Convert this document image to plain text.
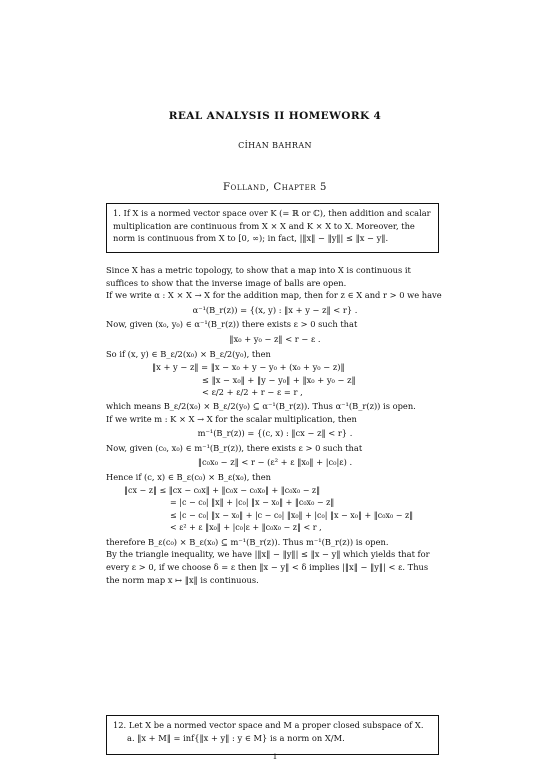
REAL ANALYSIS II HOMEWORK 4
CİHAN BAHRAN
Folland, Chapter 5
1. If X is a normed vector space over K (= ℝ or ℂ), then addition and scalar multiplication are continuous from X × X and K × X to X. Moreover, the norm is continuous from X to [0, ∞); in fact, |‖x‖ − ‖y‖| ≤ ‖x − y‖.

Since X has a metric topology, to show that a map into X is continuous it suffices to show that the inverse image of balls are open.

If we write α : X × X → X for the addition map, then for z ∈ X and r > 0 we have

α⁻¹(B_r(z)) = {(x, y) : ‖x + y − z‖ < r} .

Now, given (x₀, y₀) ∈ α⁻¹(B_r(z)) there exists ε > 0 such that

‖x₀ + y₀ − z‖ < r − ε .

So if (x, y) ∈ B_ε/2(x₀) × B_ε/2(y₀), then

‖x + y − z‖ = ‖x − x₀ + y − y₀ + (x₀ + y₀ − z)‖
≤ ‖x − x₀‖ + ‖y − y₀‖ + ‖x₀ + y₀ − z‖
< ε/2 + ε/2 + r − ε = r ,

which means B_ε/2(x₀) × B_ε/2(y₀) ⊆ α⁻¹(B_r(z)). Thus α⁻¹(B_r(z)) is open.

If we write m : K × X → X for the scalar multiplication, then

m⁻¹(B_r(z)) = {(c, x) : ‖cx − z‖ < r} .

Now, given (c₀, x₀) ∈ m⁻¹(B_r(z)), there exists ε > 0 such that

‖c₀x₀ − z‖ < r − (ε² + ε ‖x₀‖ + |c₀|ε) .

Hence if (c, x) ∈ B_ε(c₀) × B_ε(x₀), then

‖cx − z‖ ≤ ‖cx − c₀x‖ + ‖c₀x − c₀x₀‖ + ‖c₀x₀ − z‖
= |c − c₀| ‖x‖ + |c₀| ‖x − x₀‖ + ‖c₀x₀ − z‖
≤ |c − c₀| ‖x − x₀‖ + |c − c₀| ‖x₀‖ + |c₀| ‖x − x₀‖ + ‖c₀x₀ − z‖
< ε² + ε ‖x₀‖ + |c₀|ε + ‖c₀x₀ − z‖ < r ,

therefore B_ε(c₀) × B_ε(x₀) ⊆ m⁻¹(B_r(z)). Thus m⁻¹(B_r(z)) is open.

By the triangle inequality, we have |‖x‖ − ‖y‖| ≤ ‖x − y‖ which yields that for every ε > 0, if we choose δ = ε then ‖x − y‖ < δ implies |‖x‖ − ‖y‖| < ε. Thus the norm map x ↦ ‖x‖ is continuous.

12. Let X be a normed vector space and M a proper closed subspace of X.
a. ‖x + M‖ = inf{‖x + y‖ : y ∈ M} is a norm on X/M.
1
